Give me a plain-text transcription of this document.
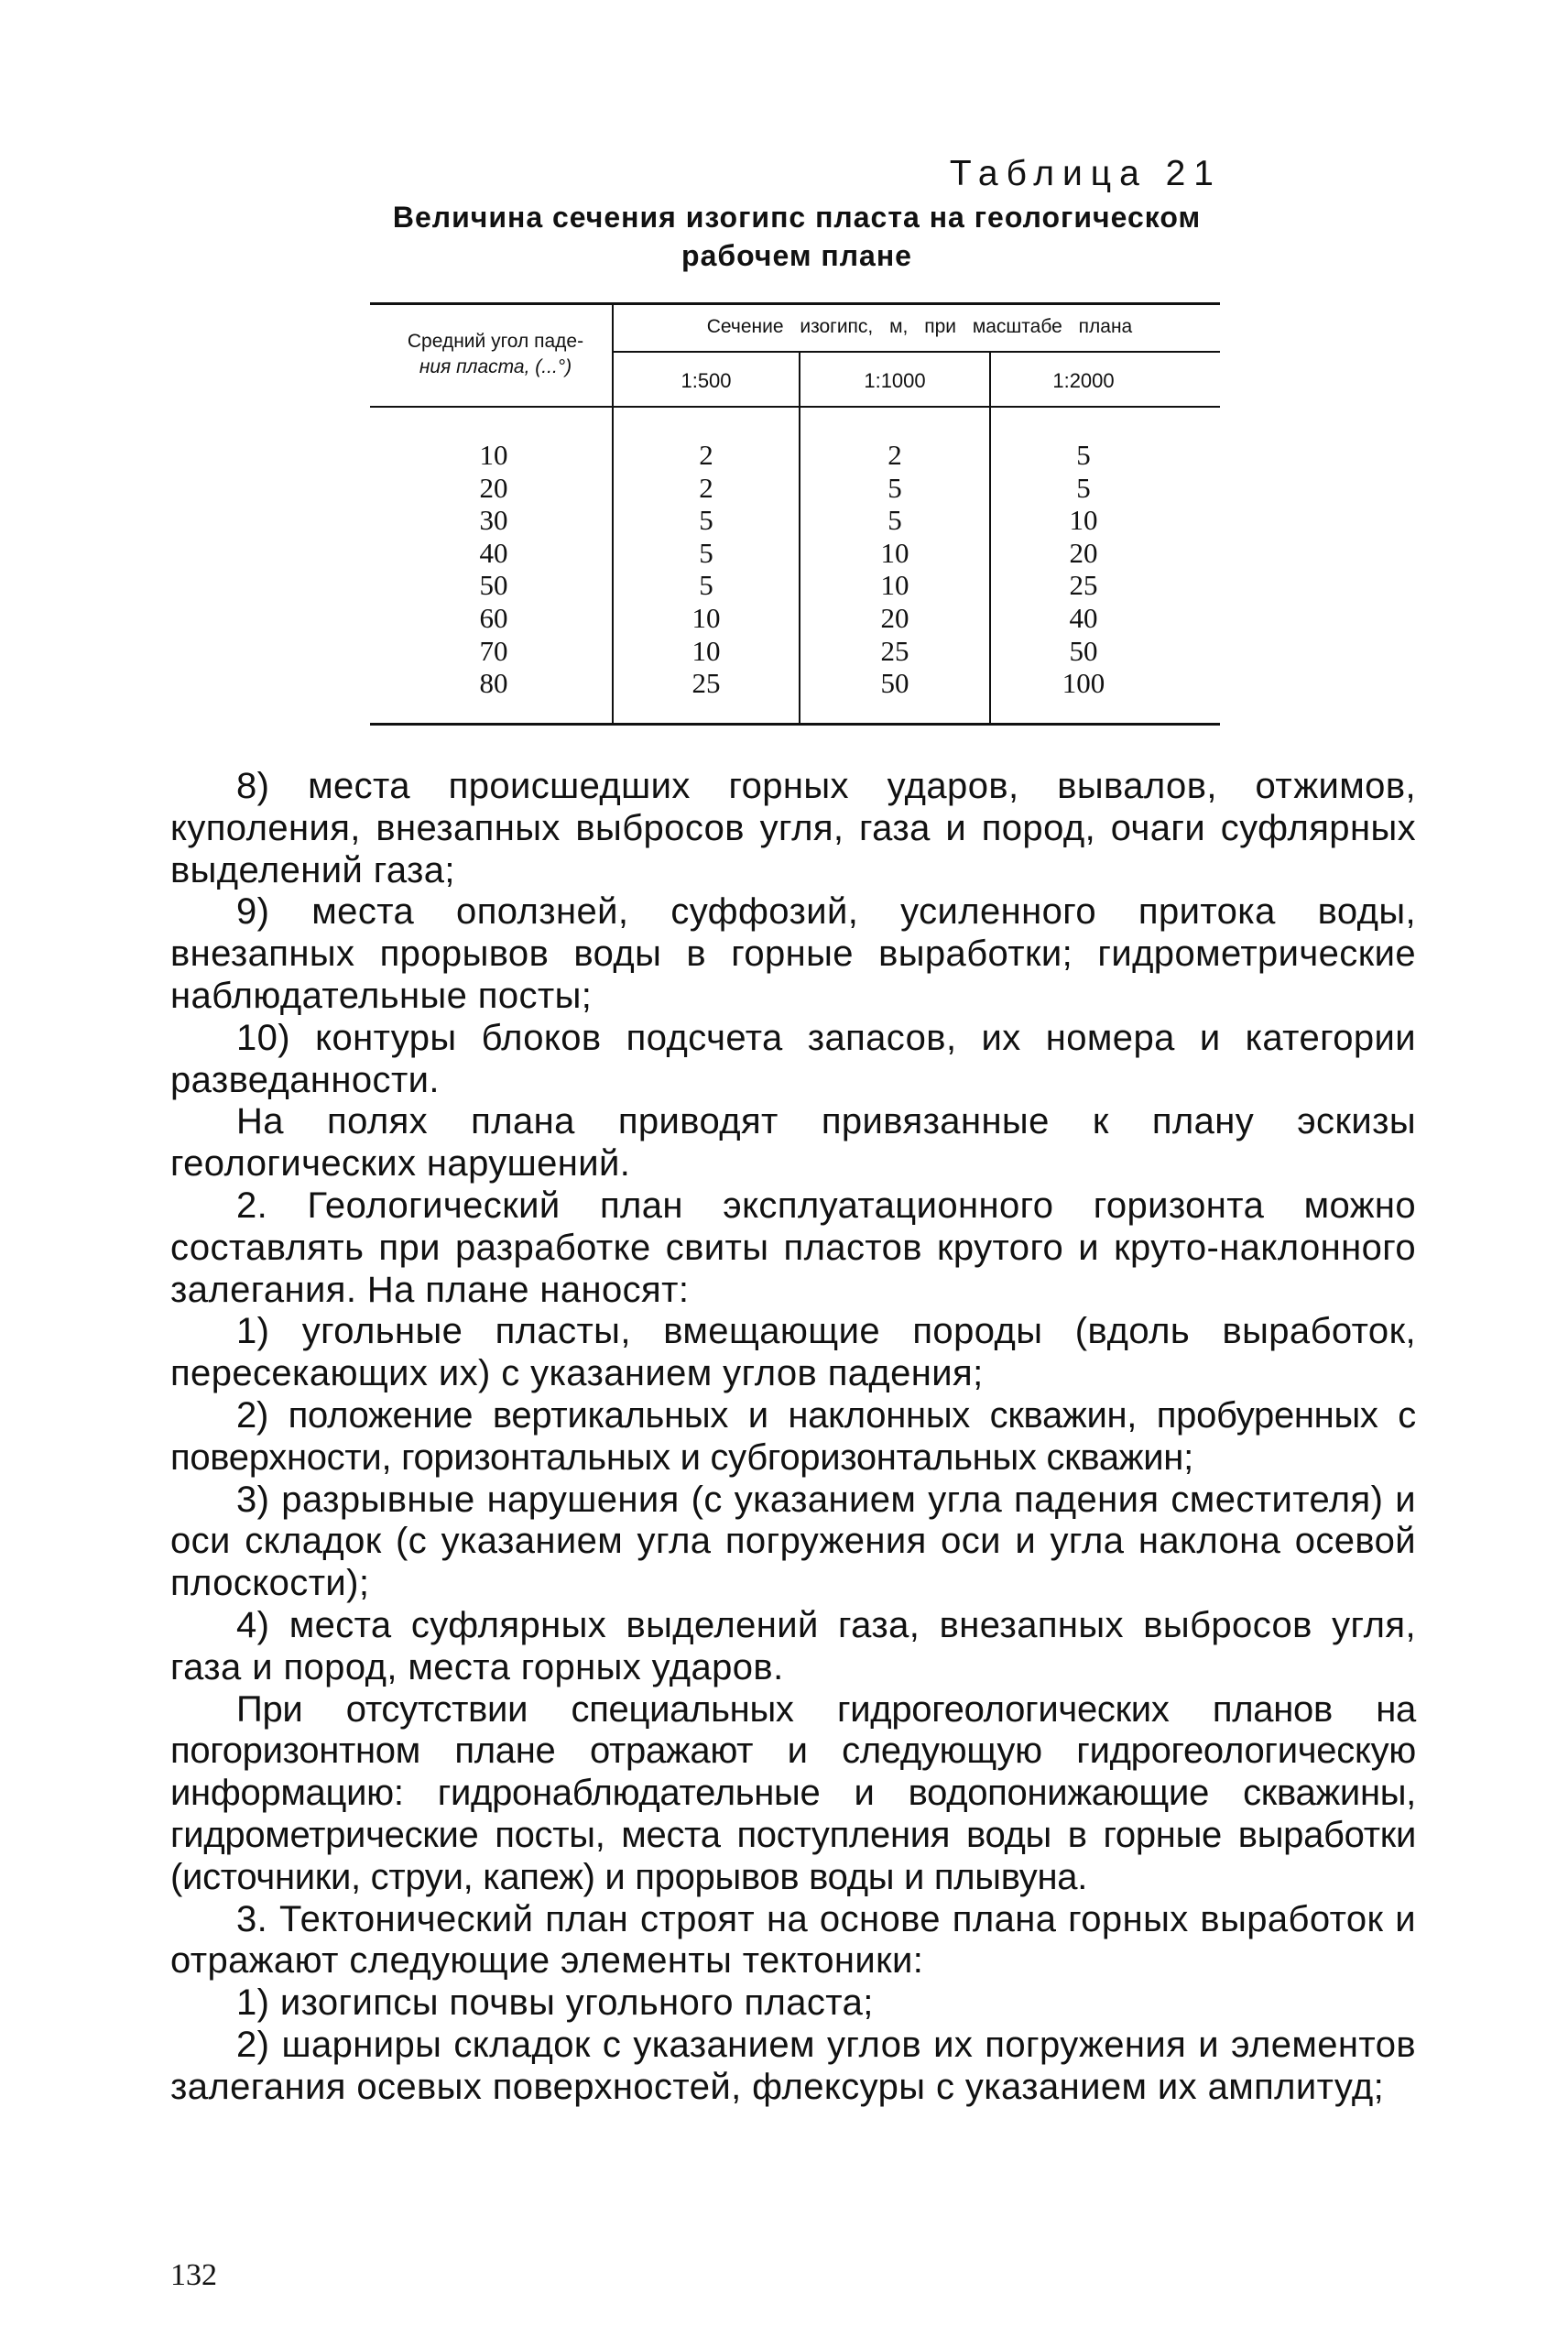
Таблица 21
Величина сечения изогипс пласта на геологическом
рабочем плане
Средний угол паде-
ния пласта, (...°)
Сечение изогипс, м, при масштабе плана
1:500	1:1000	1:2000
10
20
30
40
50
60
70
80
2
2
5
5
5
10
10
25
2
5
5
10
10
20
25
50
5
5
10
20
25
40
50
100

8) места происшедших горных ударов, вывалов, отжимов, куполения, внезапных выбросов угля, газа и пород, очаги суфлярных выделений газа;

9) места оползней, суффозий, усиленного притока воды, внезапных прорывов воды в горные выработки; гидрометрические наблюдательные посты;

10) контуры блоков подсчета запасов, их номера и категории разведанности.

На полях плана приводят привязанные к плану эскизы геологических нарушений.

2. Геологический план эксплуатационного горизонта можно составлять при разработке свиты пластов крутого и круто-наклонного залегания. На плане наносят:

1) угольные пласты, вмещающие породы (вдоль выработок, пересекающих их) с указанием углов падения;

2) положение вертикальных и наклонных скважин, пробуренных с поверхности, горизонтальных и субгоризонтальных скважин;

3) разрывные нарушения (с указанием угла падения сместителя) и оси складок (с указанием угла погружения оси и угла наклона осевой плоскости);

4) места суфлярных выделений газа, внезапных выбросов угля, газа и пород, места горных ударов.

При отсутствии специальных гидрогеологических планов на погоризонтном плане отражают и следующую гидрогеологическую информацию: гидронаблюдательные и водопонижающие скважины, гидрометрические посты, места поступления воды в горные выработки (источники, струи, капеж) и прорывов воды и плывуна.

3. Тектонический план строят на основе плана горных выработок и отражают следующие элементы тектоники:

1) изогипсы почвы угольного пласта;

2) шарниры складок с указанием углов их погружения и элементов залегания осевых поверхностей, флексуры с указанием их амплитуд;

132
